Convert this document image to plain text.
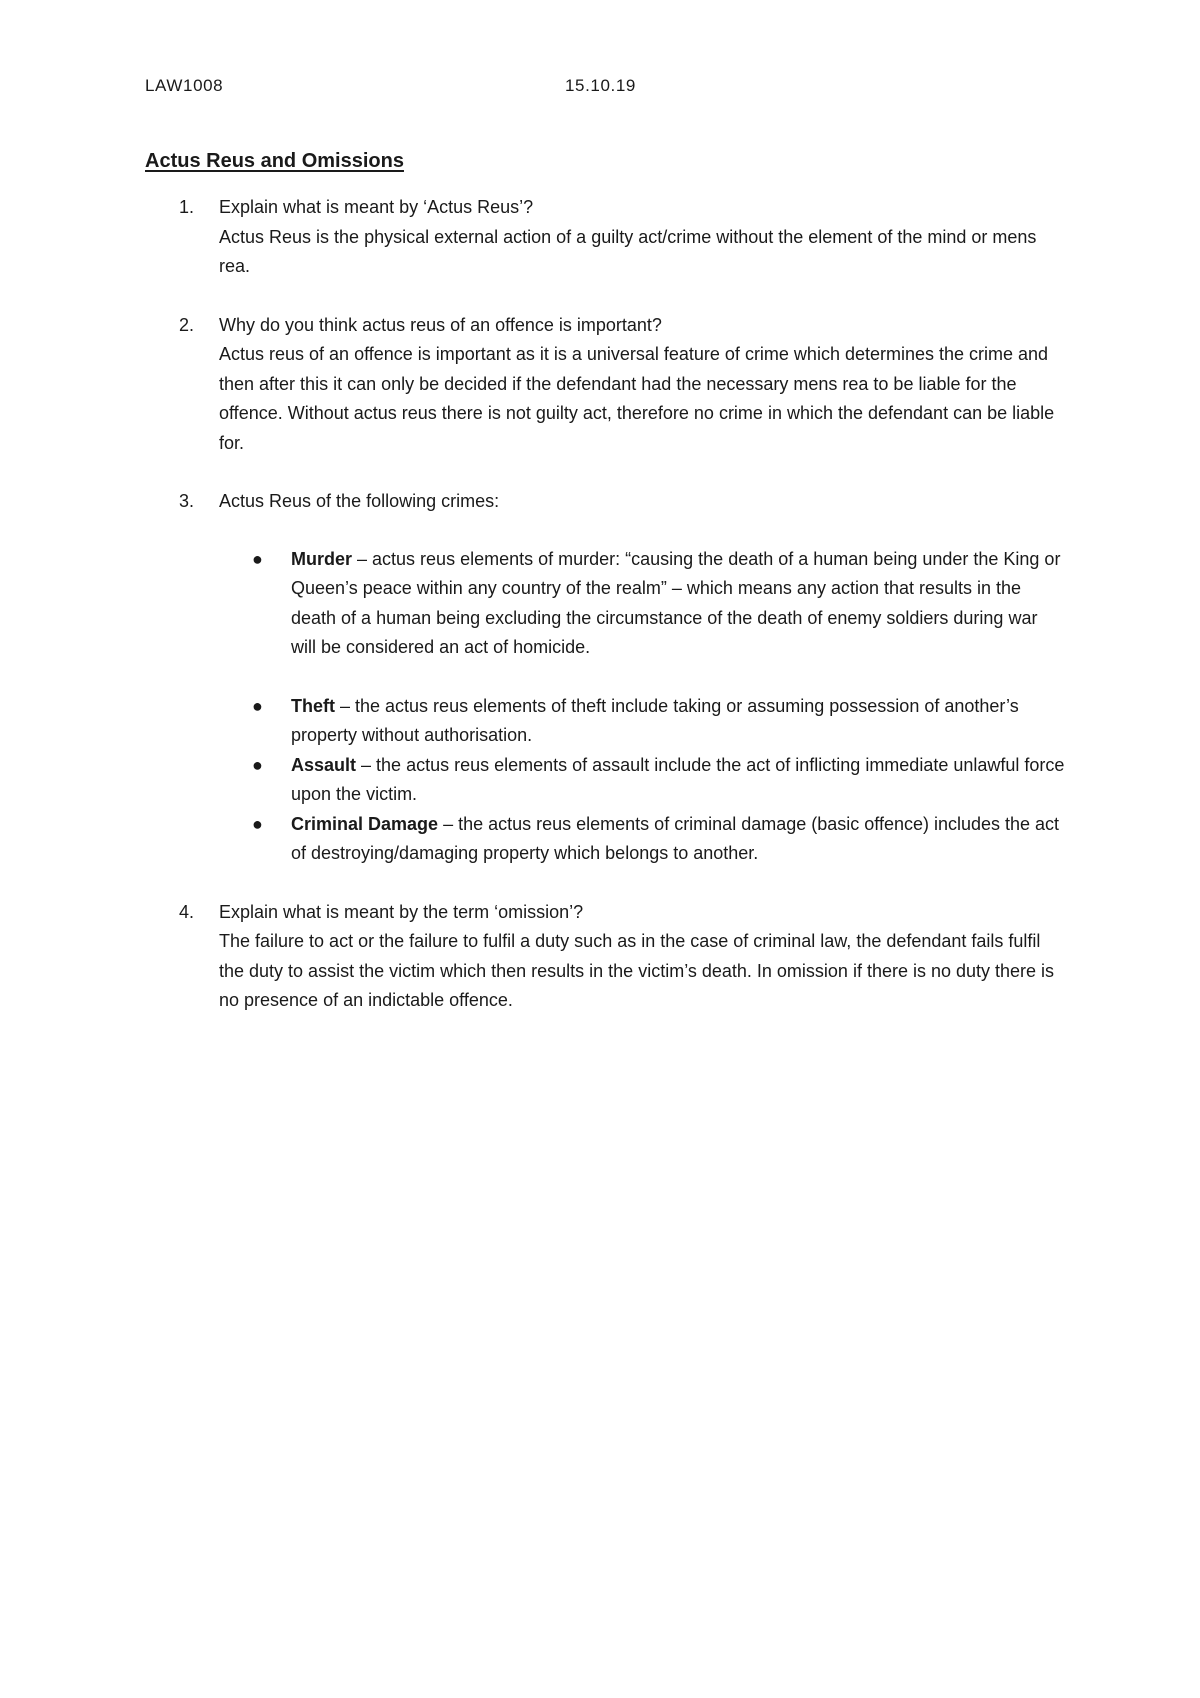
LAW1008	15.10.19
Actus Reus and Omissions
1. Explain what is meant by ‘Actus Reus’?

Actus Reus is the physical external action of a guilty act/crime without the element of the mind or mens rea.

2. Why do you think actus reus of an offence is important?

Actus reus of an offence is important as it is a universal feature of crime which determines the crime and then after this it can only be decided if the defendant had the necessary mens rea to be liable for the offence. Without actus reus there is not guilty act, therefore no crime in which the defendant can be liable for.

3. Actus Reus of the following crimes:

● Murder – actus reus elements of murder: “causing the death of a human being under the King or Queen’s peace within any country of the realm” – which means any action that results in the death of a human being excluding the circumstance of the death of enemy soldiers during war will be considered an act of homicide.
● Theft – the actus reus elements of theft include taking or assuming possession of another’s property without authorisation.
● Assault – the actus reus elements of assault include the act of inflicting immediate unlawful force upon the victim.
● Criminal Damage – the actus reus elements of criminal damage (basic offence) includes the act of destroying/damaging property which belongs to another.
4. Explain what is meant by the term ‘omission’?

The failure to act or the failure to fulfil a duty such as in the case of criminal law, the defendant fails fulfil the duty to assist the victim which then results in the victim’s death. In omission if there is no duty there is no presence of an indictable offence.
